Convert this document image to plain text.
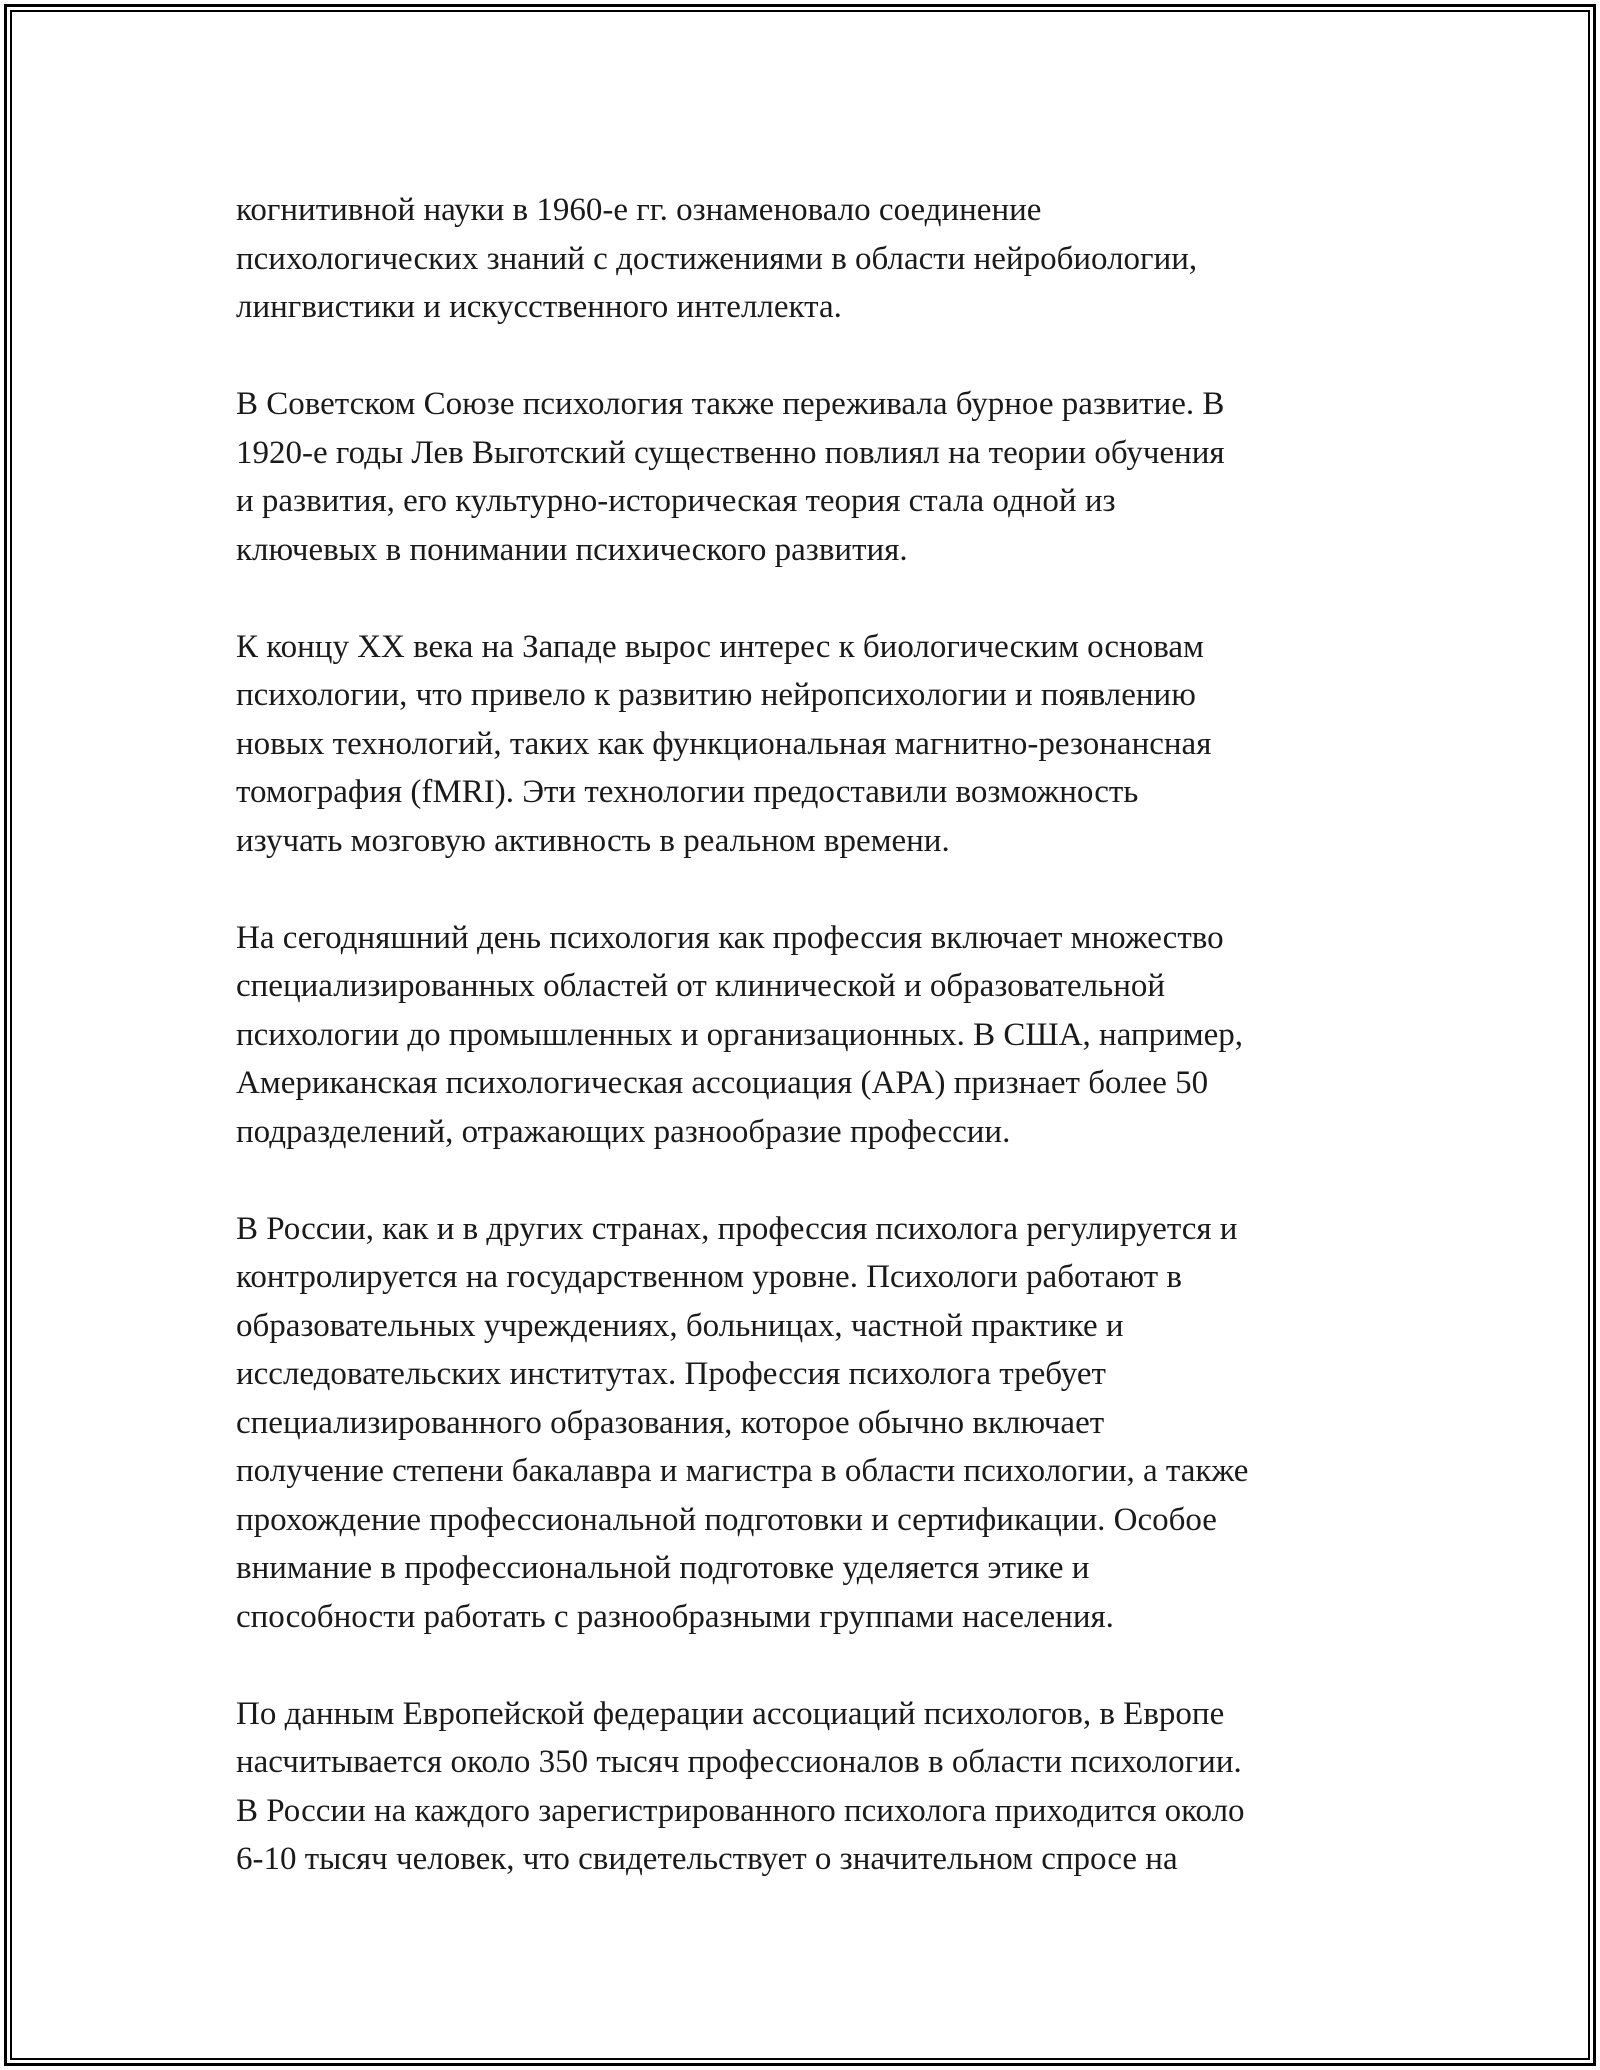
когнитивной науки в 1960-е гг. ознаменовало соединение
психологических знаний с достижениями в области нейробиологии,
лингвистики и искусственного интеллекта.

В Советском Союзе психология также переживала бурное развитие. В
1920-е годы Лев Выготский существенно повлиял на теории обучения
и развития, его культурно-историческая теория стала одной из
ключевых в понимании психического развития.

К концу XX века на Западе вырос интерес к биологическим основам
психологии, что привело к развитию нейропсихологии и появлению
новых технологий, таких как функциональная магнитно-резонансная
томография (fMRI). Эти технологии предоставили возможность
изучать мозговую активность в реальном времени.

На сегодняшний день психология как профессия включает множество
специализированных областей от клинической и образовательной
психологии до промышленных и организационных. В США, например,
Американская психологическая ассоциация (APA) признает более 50
подразделений, отражающих разнообразие профессии.

В России, как и в других странах, профессия психолога регулируется и
контролируется на государственном уровне. Психологи работают в
образовательных учреждениях, больницах, частной практике и
исследовательских институтах. Профессия психолога требует
специализированного образования, которое обычно включает
получение степени бакалавра и магистра в области психологии, а также
прохождение профессиональной подготовки и сертификации. Особое
внимание в профессиональной подготовке уделяется этике и
способности работать с разнообразными группами населения.

По данным Европейской федерации ассоциаций психологов, в Европе
насчитывается около 350 тысяч профессионалов в области психологии.
В России на каждого зарегистрированного психолога приходится около
6-10 тысяч человек, что свидетельствует о значительном спросе на
